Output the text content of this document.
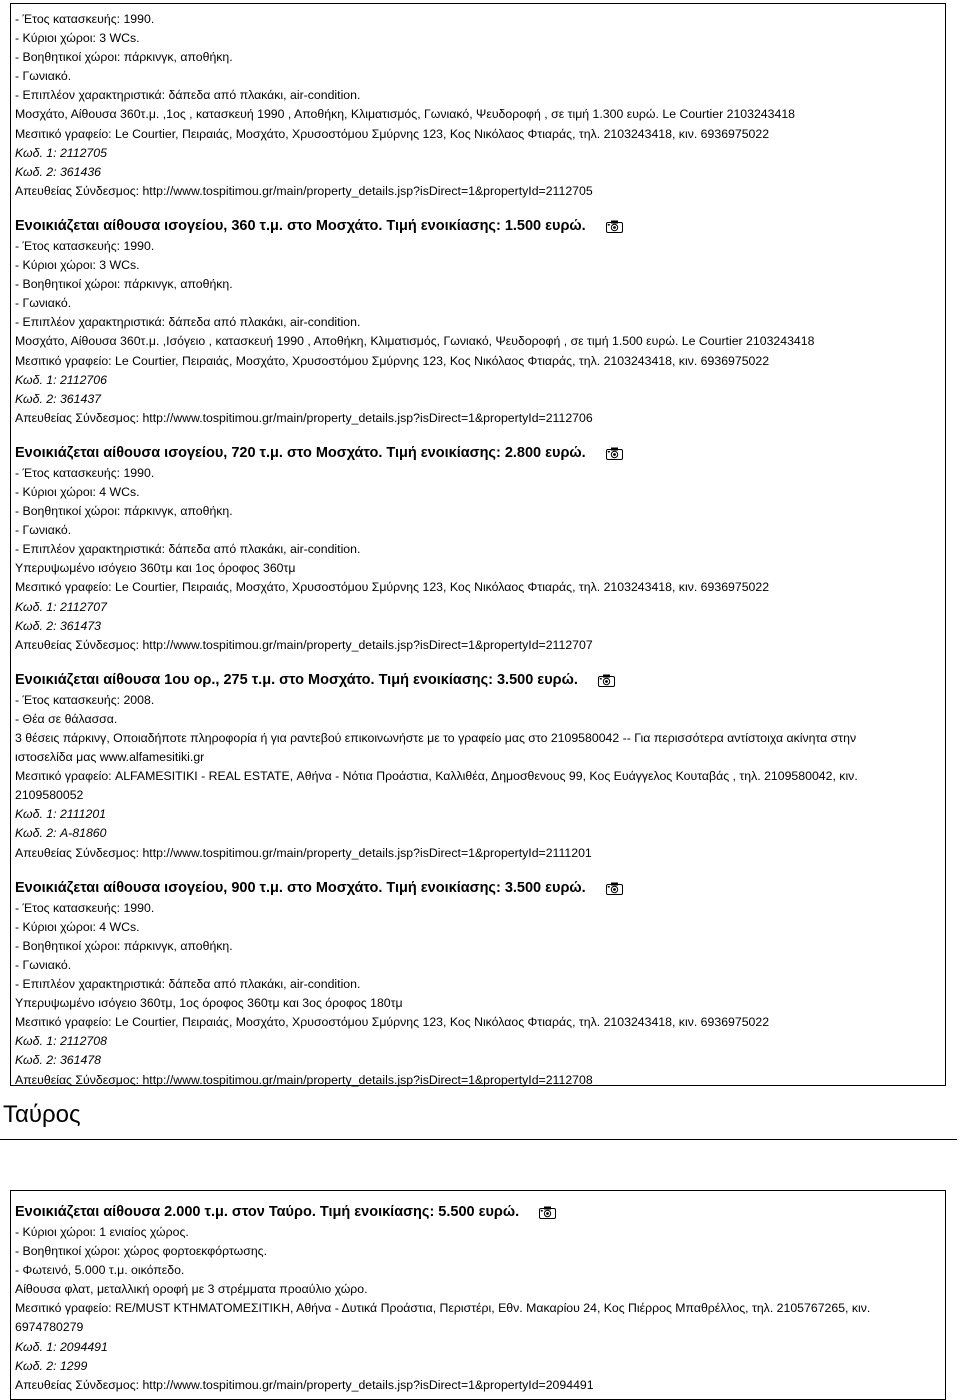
- Έτος κατασκευής: 1990.
- Κύριοι χώροι: 3 WCs.
- Βοηθητικοί χώροι: πάρκινγκ, αποθήκη.
- Γωνιακό.
- Επιπλέον χαρακτηριστικά: δάπεδα από πλακάκι, air-condition.
Μοσχάτο, Αίθουσα 360τ.μ. ,1ος , κατασκευή 1990 , Αποθήκη, Κλιματισμός, Γωνιακό, Ψευδοροφή , σε τιμή 1.300 ευρώ. Le Courtier 2103243418
Μεσιτικό γραφείο: Le Courtier, Πειραιάς, Μοσχάτο, Χρυσοστόμου Σμύρνης 123, Κος Νικόλαος Φτιαράς, τηλ. 2103243418, κιν. 6936975022
Κωδ. 1: 2112705
Κωδ. 2: 361436
Απευθείας Σύνδεσμος: http://www.tospitimou.gr/main/property_details.jsp?isDirect=1&propertyId=2112705
Ενοικιάζεται αίθουσα ισογείου, 360 τ.μ. στο Μοσχάτο. Τιμή ενοικίασης: 1.500 ευρώ.
- Έτος κατασκευής: 1990.
- Κύριοι χώροι: 3 WCs.
- Βοηθητικοί χώροι: πάρκινγκ, αποθήκη.
- Γωνιακό.
- Επιπλέον χαρακτηριστικά: δάπεδα από πλακάκι, air-condition.
Μοσχάτο, Αίθουσα 360τ.μ. ,Ισόγειο , κατασκευή 1990 , Αποθήκη, Κλιματισμός, Γωνιακό, Ψευδοροφή , σε τιμή 1.500 ευρώ. Le Courtier 2103243418
Μεσιτικό γραφείο: Le Courtier, Πειραιάς, Μοσχάτο, Χρυσοστόμου Σμύρνης 123, Κος Νικόλαος Φτιαράς, τηλ. 2103243418, κιν. 6936975022
Κωδ. 1: 2112706
Κωδ. 2: 361437
Απευθείας Σύνδεσμος: http://www.tospitimou.gr/main/property_details.jsp?isDirect=1&propertyId=2112706
Ενοικιάζεται αίθουσα ισογείου, 720 τ.μ. στο Μοσχάτο. Τιμή ενοικίασης: 2.800 ευρώ.
- Έτος κατασκευής: 1990.
- Κύριοι χώροι: 4 WCs.
- Βοηθητικοί χώροι: πάρκινγκ, αποθήκη.
- Γωνιακό.
- Επιπλέον χαρακτηριστικά: δάπεδα από πλακάκι, air-condition.
Υπερυψωμένο ισόγειο 360τμ και 1ος όροφος 360τμ
Μεσιτικό γραφείο: Le Courtier, Πειραιάς, Μοσχάτο, Χρυσοστόμου Σμύρνης 123, Κος Νικόλαος Φτιαράς, τηλ. 2103243418, κιν. 6936975022
Κωδ. 1: 2112707
Κωδ. 2: 361473
Απευθείας Σύνδεσμος: http://www.tospitimou.gr/main/property_details.jsp?isDirect=1&propertyId=2112707
Ενοικιάζεται αίθουσα 1ου ορ., 275 τ.μ. στο Μοσχάτο. Τιμή ενοικίασης: 3.500 ευρώ.
- Έτος κατασκευής: 2008.
- Θέα σε θάλασσα.
3 θέσεις πάρκινγ, Οποιαδήποτε πληροφορία ή για ραντεβού επικοινωνήστε με το γραφείο μας στο 2109580042 -- Για περισσότερα αντίστοιχα ακίνητα στην
ιστοσελίδα μας www.alfamesitiki.gr
Μεσιτικό γραφείο: ALFAMESITIKI - REAL ESTATE, Αθήνα - Νότια Προάστια, Καλλιθέα, Δημοσθενους 99, Κος Ευάγγελος Κουταβάς , τηλ. 2109580042, κιν.
2109580052
Κωδ. 1: 2111201
Κωδ. 2: A-81860
Απευθείας Σύνδεσμος: http://www.tospitimou.gr/main/property_details.jsp?isDirect=1&propertyId=2111201
Ενοικιάζεται αίθουσα ισογείου, 900 τ.μ. στο Μοσχάτο. Τιμή ενοικίασης: 3.500 ευρώ.
- Έτος κατασκευής: 1990.
- Κύριοι χώροι: 4 WCs.
- Βοηθητικοί χώροι: πάρκινγκ, αποθήκη.
- Γωνιακό.
- Επιπλέον χαρακτηριστικά: δάπεδα από πλακάκι, air-condition.
Υπερυψωμένο ισόγειο 360τμ, 1ος όροφος 360τμ και 3ος όροφος 180τμ
Μεσιτικό γραφείο: Le Courtier, Πειραιάς, Μοσχάτο, Χρυσοστόμου Σμύρνης 123, Κος Νικόλαος Φτιαράς, τηλ. 2103243418, κιν. 6936975022
Κωδ. 1: 2112708
Κωδ. 2: 361478
Απευθείας Σύνδεσμος: http://www.tospitimou.gr/main/property_details.jsp?isDirect=1&propertyId=2112708
Ταύρος
Ενοικιάζεται αίθουσα 2.000 τ.μ. στον Ταύρο. Τιμή ενοικίασης: 5.500 ευρώ.
- Κύριοι χώροι: 1 ενιαίος χώρος.
- Βοηθητικοί χώροι: χώρος φορτοεκφόρτωσης.
- Φωτεινό, 5.000 τ.μ. οικόπεδο.
Αίθουσα φλατ, μεταλλική οροφή με 3 στρέμματα προαύλιο χώρο.
Μεσιτικό γραφείο: RE/MUST ΚΤΗΜΑΤΟΜΕΣΙΤΙΚΗ, Αθήνα - Δυτικά Προάστια, Περιστέρι, Εθν. Μακαρίου 24, Κος Πιέρρος Μπαθρέλλος, τηλ. 2105767265, κιν.
6974780279
Κωδ. 1: 2094491
Κωδ. 2: 1299
Απευθείας Σύνδεσμος: http://www.tospitimou.gr/main/property_details.jsp?isDirect=1&propertyId=2094491
